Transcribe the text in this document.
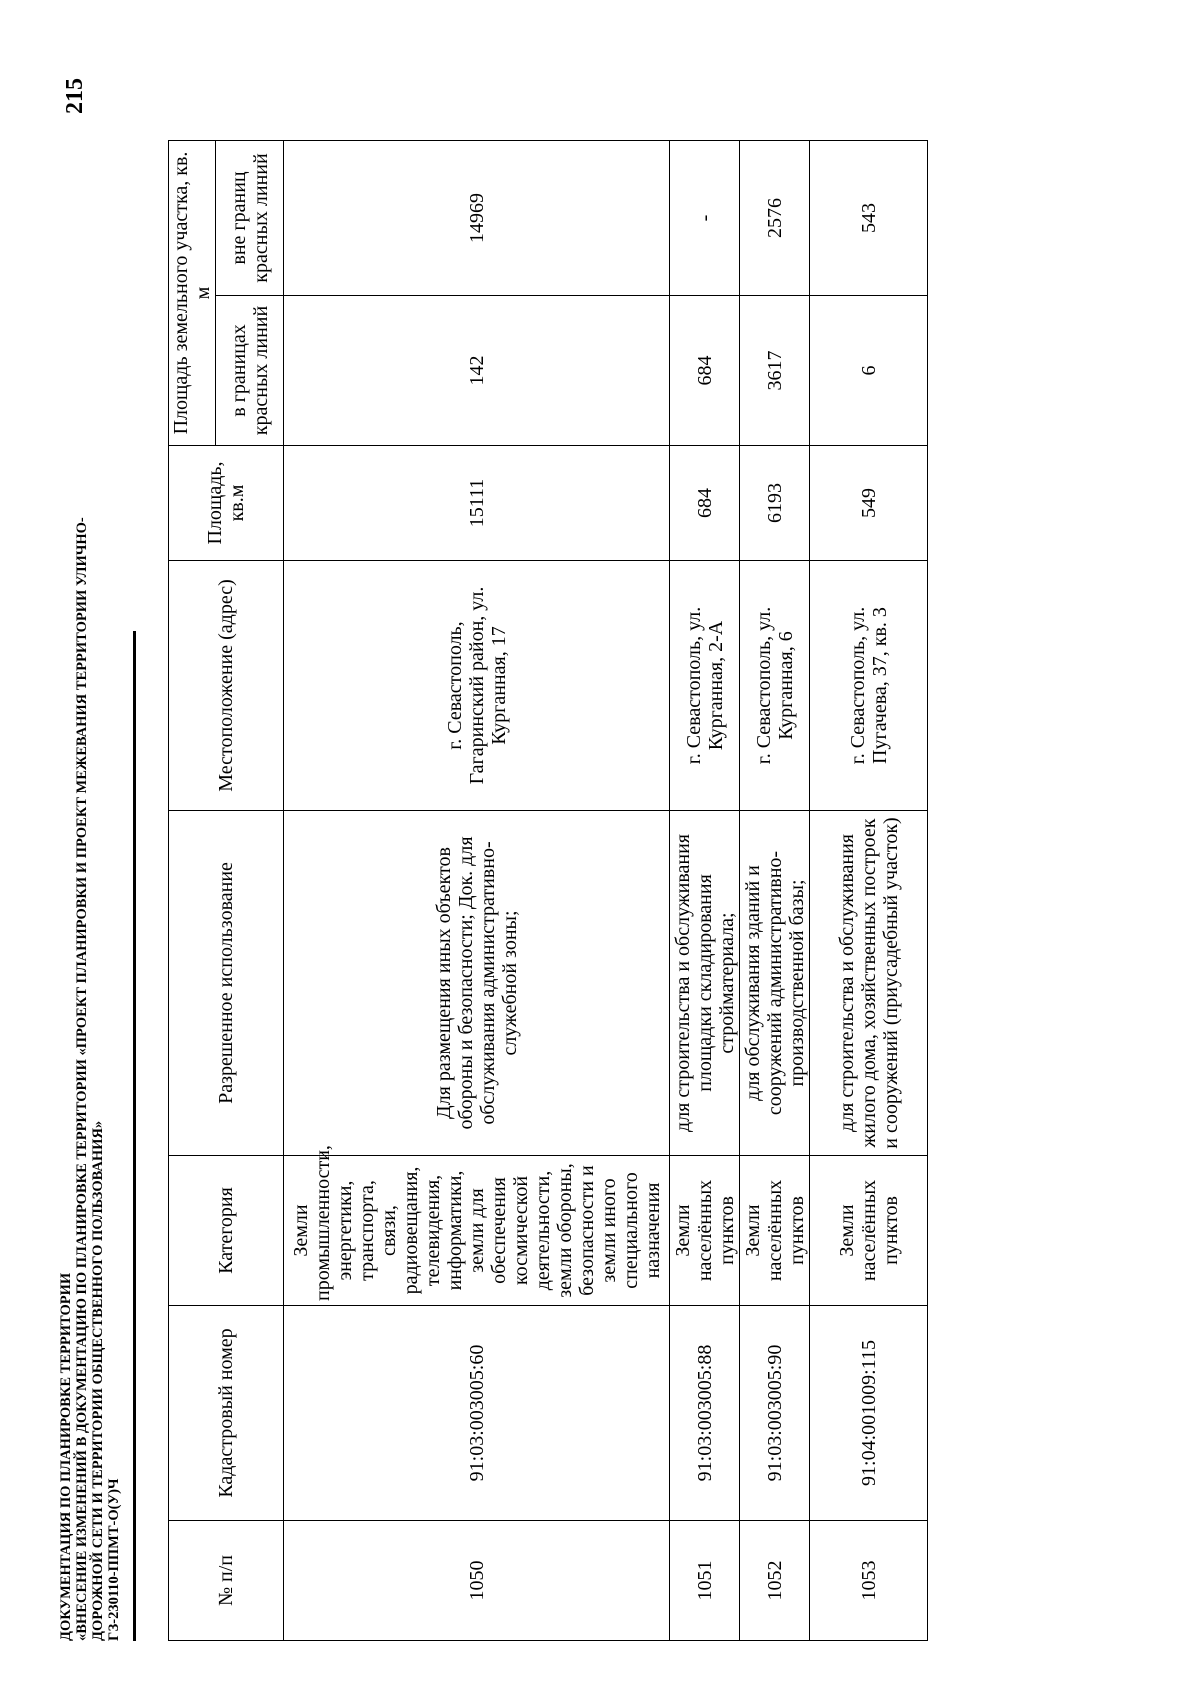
215
ДОКУМЕНТАЦИЯ ПО ПЛАНИРОВКЕ ТЕРРИТОРИИ «ВНЕСЕНИЕ ИЗМЕНЕНИЙ В ДОКУМЕНТАЦИЮ ПО ПЛАНИРОВКЕ ТЕРРИТОРИИ «ПРОЕКТ ПЛАНИРОВКИ И ПРОЕКТ МЕЖЕВАНИЯ ТЕРРИТОРИИ УЛИЧНО- ДОРОЖНОЙ СЕТИ И ТЕРРИТОРИИ ОБЩЕСТВЕННОГО ПОЛЬЗОВАНИЯ» ГЗ-230110-ППМТ-О(У)Ч	№ п/п	Кадастровый номер	Категория	Разрешенное использование	Местоположение (адрес)	Площадь, кв.м	Площадь земельного участка, кв. м	
						в границах красных линий	вне границ красных линий
1050	91:03:003005:60	Земли промышленности, энергетики, транспорта, связи, радиовещания, телевидения, информатики, земли для обеспечения космической деятельности, земли обороны, безопасности и земли иного специального назначения	Для размещения иных объектов обороны и безопасности; Док. для обслуживания административно-служебной зоны;	г. Севастополь, Гагаринский район, ул. Курганная, 17	15111	142	14969
1051	91:03:003005:88	Земли населённых пунктов	для строительства и обслуживания площадки складирования стройматериала;	г. Севастополь, ул. Курганная, 2-А	684	684	-
1052	91:03:003005:90	Земли населённых пунктов	для обслуживания зданий и сооружений административно-производственной базы;	г. Севастополь, ул. Курганная, 6	6193	3617	2576
1053	91:04:001009:115	Земли населённых пунктов	для строительства и обслуживания жилого дома, хозяйственных построек и сооружений (приусадебный участок)	г. Севастополь, ул. Пугачева, 37, кв. 3	549	6	543
